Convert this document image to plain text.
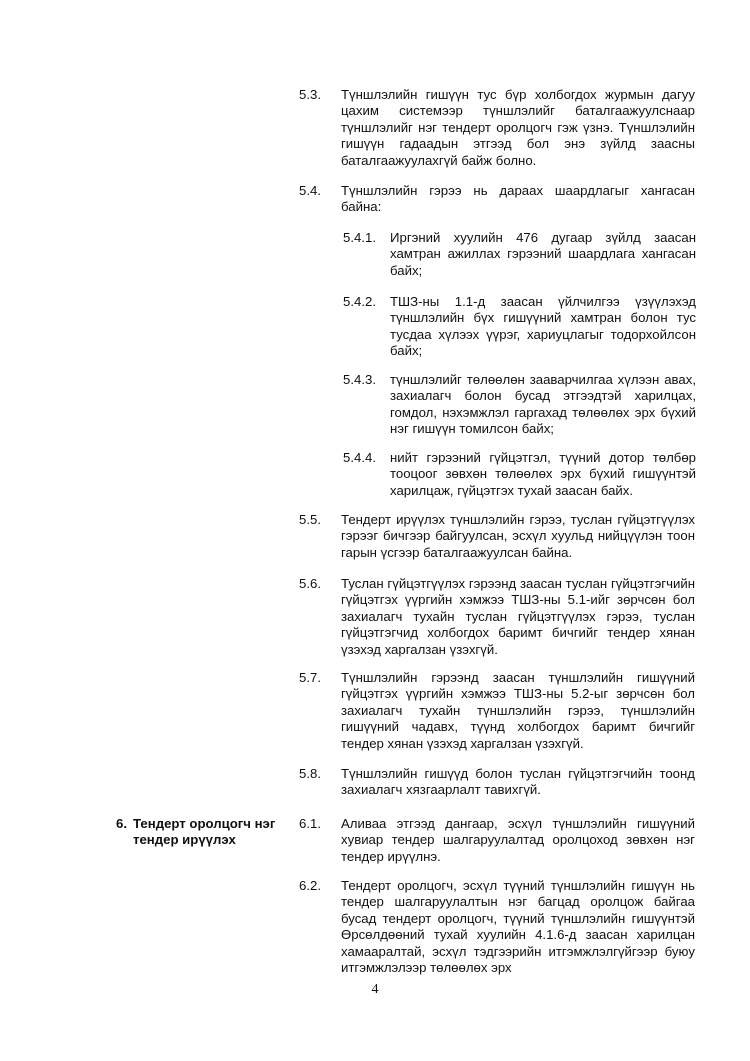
5.3. Түншлэлийн гишүүн тус бүр холбогдох журмын дагуу цахим системээр түншлэлийг баталгаажуулснаар түншлэлийг нэг тендерт оролцогч гэж үзнэ. Түншлэлийн гишүүн гадаадын этгээд бол энэ зүйлд заасны баталгаажуулахгүй байж болно.
5.4. Түншлэлийн гэрээ нь дараах шаардлагыг хангасан байна:
5.4.1. Иргэний хуулийн 476 дугаар зүйлд заасан хамтран ажиллах гэрээний шаардлага хангасан байх;
5.4.2. ТШЗ-ны 1.1-д заасан үйлчилгээ үзүүлэхэд түншлэлийн бүх гишүүний хамтран болон тус тусдаа хүлээх үүрэг, хариуцлагыг тодорхойлсон байх;
5.4.3. түншлэлийг төлөөлөн зааварчилгаа хүлээн авах, захиалагч болон бусад этгээдтэй харилцах, гомдол, нэхэмжлэл гаргахад төлөөлөх эрх бүхий нэг гишүүн томилсон байх;
5.4.4. нийт гэрээний гүйцэтгэл, түүний дотор төлбөр тооцоог зөвхөн төлөөлөх эрх бүхий гишүүнтэй харилцаж, гүйцэтгэх тухай заасан байх.
5.5. Тендерт ирүүлэх түншлэлийн гэрээ, туслан гүйцэтгүүлэх гэрээг бичгээр байгуулсан, эсхүл хуульд нийцүүлэн тоон гарын үсгээр баталгаажуулсан байна.
5.6. Туслан гүйцэтгүүлэх гэрээнд заасан туслан гүйцэтгэгчийн гүйцэтгэх үүргийн хэмжээ ТШЗ-ны 5.1-ийг зөрчсөн бол захиалагч тухайн туслан гүйцэтгүүлэх гэрээ, туслан гүйцэтгэгчид холбогдох баримт бичгийг тендер хянан үзэхэд харгалзан үзэхгүй.
5.7. Түншлэлийн гэрээнд заасан түншлэлийн гишүүний гүйцэтгэх үүргийн хэмжээ ТШЗ-ны 5.2-ыг зөрчсөн бол захиалагч тухайн түншлэлийн гэрээ, түншлэлийн гишүүний чадавх, түүнд холбогдох баримт бичгийг тендер хянан үзэхэд харгалзан үзэхгүй.
5.8. Түншлэлийн гишүүд болон туслан гүйцэтгэгчийн тоонд захиалагч хязгаарлалт тавихгүй.
6. Тендерт оролцогч нэг тендер ирүүлэх
6.1. Аливаа этгээд дангаар, эсхүл түншлэлийн гишүүний хувиар тендер шалгаруулалтад оролцоход зөвхөн нэг тендер ирүүлнэ.
6.2. Тендерт оролцогч, эсхүл түүний түншлэлийн гишүүн нь тендер шалгаруулалтын нэг багцад оролцож байгаа бусад тендерт оролцогч, түүний түншлэлийн гишүүнтэй Өрсөлдөөний тухай хуулийн 4.1.6-д заасан харилцан хамааралтай, эсхүл тэдгээрийн итгэмжлэлгүйгээр буюу итгэмжлэлээр төлөөлөх эрх
4
